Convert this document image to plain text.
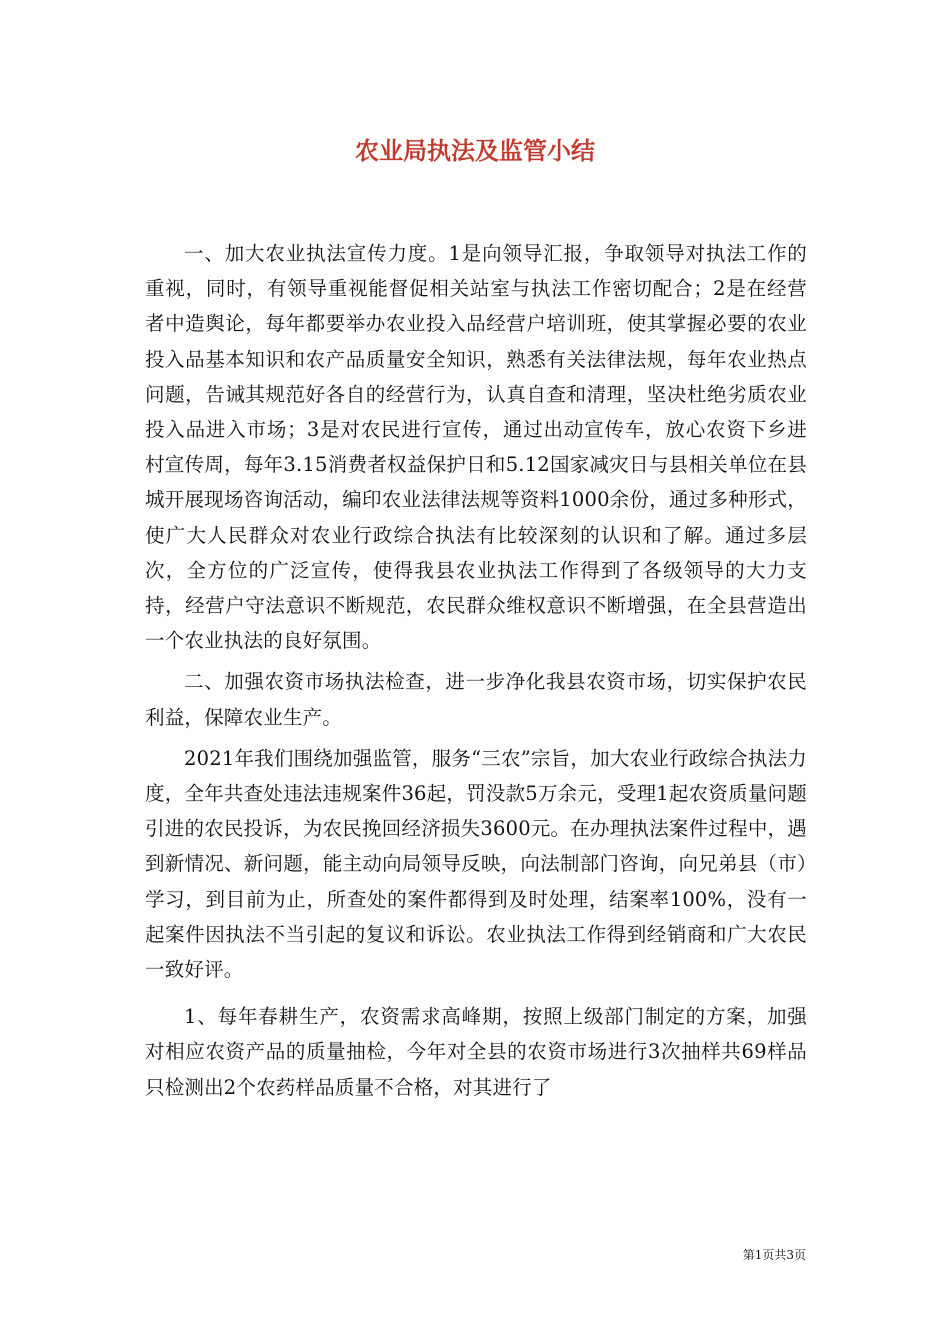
农业局执法及监管小结

一、加大农业执法宣传力度。1是向领导汇报，争取领导对执法工作的重视，同时，有领导重视能督促相关站室与执法工作密切配合；2是在经营者中造舆论，每年都要举办农业投入品经营户培训班，使其掌握必要的农业投入品基本知识和农产品质量安全知识，熟悉有关法律法规，每年农业热点问题，告诫其规范好各自的经营行为，认真自查和清理，坚决杜绝劣质农业投入品进入市场；3是对农民进行宣传，通过出动宣传车，放心农资下乡进村宣传周，每年3.15消费者权益保护日和5.12国家减灾日与县相关单位在县城开展现场咨询活动，编印农业法律法规等资料1000余份，通过多种形式，使广大人民群众对农业行政综合执法有比较深刻的认识和了解。通过多层次，全方位的广泛宣传，使得我县农业执法工作得到了各级领导的大力支持，经营户守法意识不断规范，农民群众维权意识不断增强，在全县营造出一个农业执法的良好氛围。

二、加强农资市场执法检查，进一步净化我县农资市场，切实保护农民利益，保障农业生产。

2021年我们围绕加强监管，服务“三农”宗旨，加大农业行政综合执法力度，全年共查处违法违规案件36起，罚没款5万余元，受理1起农资质量问题引进的农民投诉，为农民挽回经济损失3600元。在办理执法案件过程中，遇到新情况、新问题，能主动向局领导反映，向法制部门咨询，向兄弟县（市）学习，到目前为止，所查处的案件都得到及时处理，结案率100%，没有一起案件因执法不当引起的复议和诉讼。农业执法工作得到经销商和广大农民一致好评。

1、每年春耕生产，农资需求高峰期，按照上级部门制定的方案，加强对相应农资产品的质量抽检，今年对全县的农资市场进行3次抽样共69样品只检测出2个农药样品质量不合格，对其进行了

第1页共3页
